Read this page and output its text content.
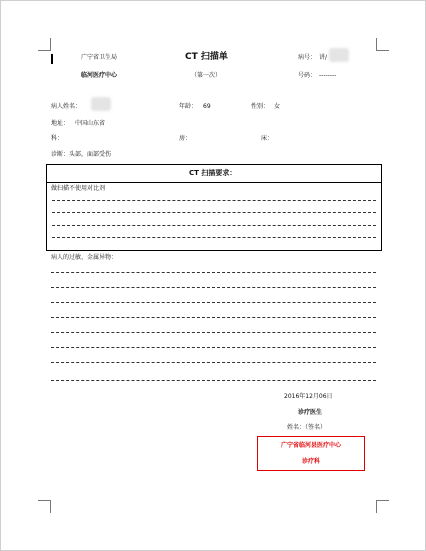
广宁省卫生局
临河医疗中心
CT 扫描单
（第一次）
病号： 讲/
号码： --------
病人姓名：	年龄： 69	性别： 女
地址： 中国山东省
科：	房：	床：
诊断： 头部，面部受伤
CT 扫描要求：
做扫描不使用对比剂
病人的过敏、金属异物：
2016年12月06日
诊疗医生
姓名：（签名）
广宁省临河县医疗中心
诊疗科
